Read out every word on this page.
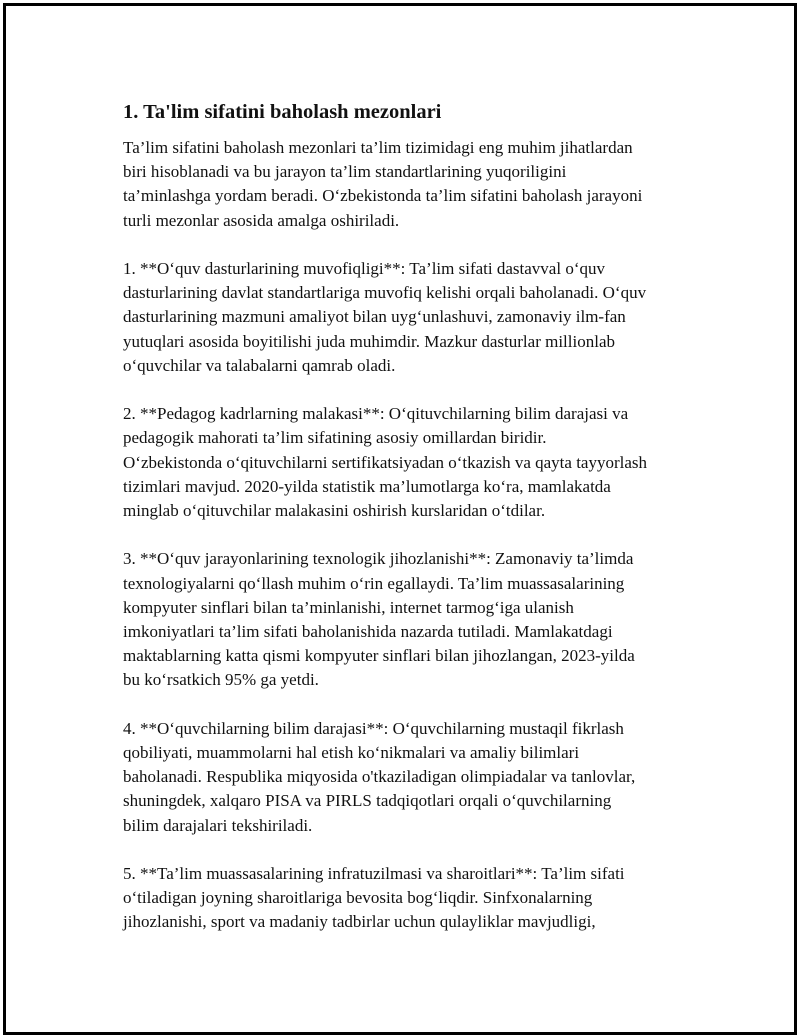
1. Ta'lim sifatini baholash mezonlari

Ta’lim sifatini baholash mezonlari ta’lim tizimidagi eng muhim jihatlardan
biri hisoblanadi va bu jarayon ta’lim standartlarining yuqoriligini
ta’minlashga yordam beradi. O‘zbekistonda ta’lim sifatini baholash jarayoni
turli mezonlar asosida amalga oshiriladi.

1. **O‘quv dasturlarining muvofiqligi**: Ta’lim sifati dastavval o‘quv
dasturlarining davlat standartlariga muvofiq kelishi orqali baholanadi. O‘quv
dasturlarining mazmuni amaliyot bilan uyg‘unlashuvi, zamonaviy ilm-fan
yutuqlari asosida boyitilishi juda muhimdir. Mazkur dasturlar millionlab
o‘quvchilar va talabalarni qamrab oladi.

2. **Pedagog kadrlarning malakasi**: O‘qituvchilarning bilim darajasi va
pedagogik mahorati ta’lim sifatining asosiy omillardan biridir.
O‘zbekistonda o‘qituvchilarni sertifikatsiyadan o‘tkazish va qayta tayyorlash
tizimlari mavjud. 2020-yilda statistik ma’lumotlarga ko‘ra, mamlakatda
minglab o‘qituvchilar malakasini oshirish kurslaridan o‘tdilar.

3. **O‘quv jarayonlarining texnologik jihozlanishi**: Zamonaviy ta’limda
texnologiyalarni qo‘llash muhim o‘rin egallaydi. Ta’lim muassasalarining
kompyuter sinflari bilan ta’minlanishi, internet tarmog‘iga ulanish
imkoniyatlari ta’lim sifati baholanishida nazarda tutiladi. Mamlakatdagi
maktablarning katta qismi kompyuter sinflari bilan jihozlangan, 2023-yilda
bu ko‘rsatkich 95% ga yetdi.

4. **O‘quvchilarning bilim darajasi**: O‘quvchilarning mustaqil fikrlash
qobiliyati, muammolarni hal etish ko‘nikmalari va amaliy bilimlari
baholanadi. Respublika miqyosida o'tkaziladigan olimpiadalar va tanlovlar,
shuningdek, xalqaro PISA va PIRLS tadqiqotlari orqali o‘quvchilarning
bilim darajalari tekshiriladi.

5. **Ta’lim muassasalarining infratuzilmasi va sharoitlari**: Ta’lim sifati
o‘tiladigan joyning sharoitlariga bevosita bog‘liqdir. Sinfxonalarning
jihozlanishi, sport va madaniy tadbirlar uchun qulayliklar mavjudligi,
